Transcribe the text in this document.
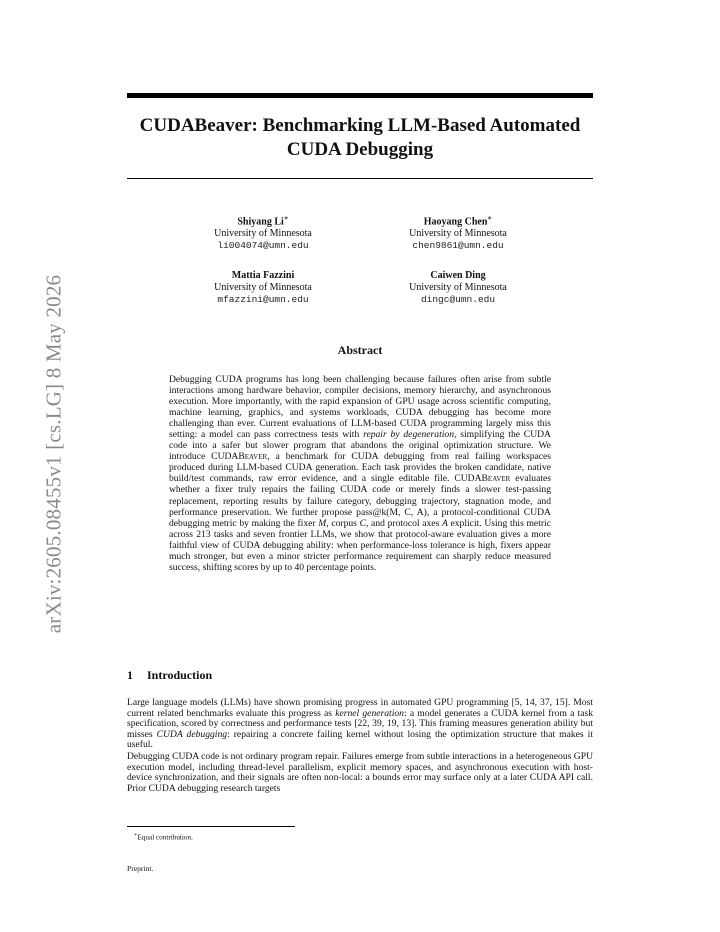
arXiv:2605.08455v1 [cs.LG] 8 May 2026
CUDABeaver: Benchmarking LLM-Based Automated
CUDA Debugging
Shiyang Li∗
University of Minnesota
li004074@umn.edu
Haoyang Chen∗
University of Minnesota
chen9861@umn.edu
Mattia Fazzini
University of Minnesota
mfazzini@umn.edu
Caiwen Ding
University of Minnesota
dingc@umn.edu
Abstract

Debugging CUDA programs has long been challenging because failures often arise from subtle interactions among hardware behavior, compiler decisions, memory hierarchy, and asynchronous execution. More importantly, with the rapid expansion of GPU usage across scientific computing, machine learning, graphics, and systems workloads, CUDA debugging has become more challenging than ever. Current evaluations of LLM-based CUDA programming largely miss this setting: a model can pass correctness tests with repair by degeneration, simplifying the CUDA code into a safer but slower program that abandons the original optimization structure. We introduce CUDABeaver, a benchmark for CUDA debugging from real failing workspaces produced during LLM-based CUDA generation. Each task provides the broken candidate, native build/test commands, raw error evidence, and a single editable file. CUDABeaver evaluates whether a fixer truly repairs the failing CUDA code or merely finds a slower test-passing replacement, reporting results by failure category, debugging trajectory, stagnation mode, and performance preservation. We further propose pass@k(M, C, A), a protocol-conditional CUDA debugging metric by making the fixer M, corpus C, and protocol axes A explicit. Using this metric across 213 tasks and seven frontier LLMs, we show that protocol-aware evaluation gives a more faithful view of CUDA debugging ability: when performance-loss tolerance is high, fixers appear much stronger, but even a minor stricter performance requirement can sharply reduce measured success, shifting scores by up to 40 percentage points.

1 Introduction

Large language models (LLMs) have shown promising progress in automated GPU programming [5, 14, 37, 15]. Most current related benchmarks evaluate this progress as kernel generation: a model generates a CUDA kernel from a task specification, scored by correctness and performance tests [22, 39, 19, 13]. This framing measures generation ability but misses CUDA debugging: repairing a concrete failing kernel without losing the optimization structure that makes it useful.

Debugging CUDA code is not ordinary program repair. Failures emerge from subtle interactions in a heterogeneous GPU execution model, including thread-level parallelism, explicit memory spaces, and asynchronous execution with host-device synchronization, and their signals are often non-local: a bounds error may surface only at a later CUDA API call. Prior CUDA debugging research targets

∗Equal contribution.

Preprint.
